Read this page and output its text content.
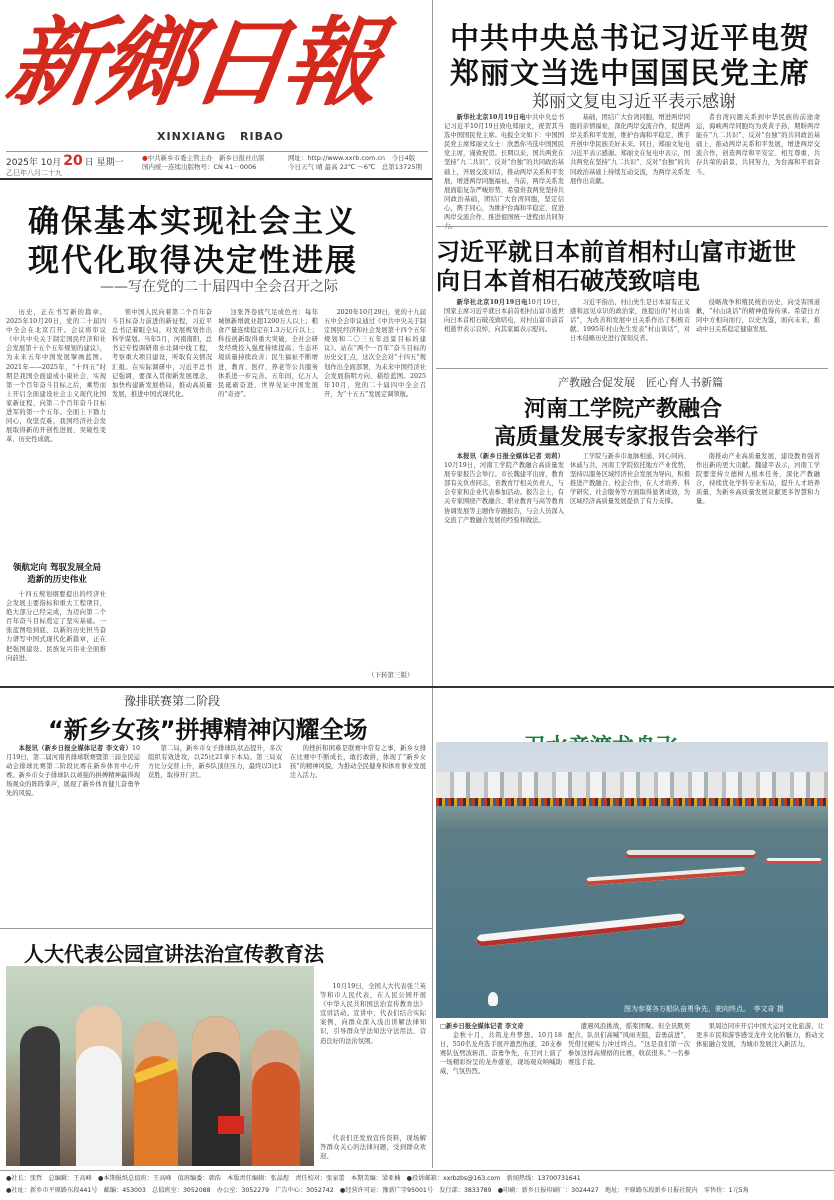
新鄉日報
XINXIANG RIBAO
2025年 10月 20 日 星期一
乙巳年八月二十九
●中共新乡市委主管主办　新乡日报社出版
国内统一连续出版物号：CN 41－0006
网址：http://www.xxrb.com.cn　 今日4版
今日天气 晴 最高 22℃ ～6℃　 总第13725期
中共中央总书记习近平电贺
郑丽文当选中国国民党主席
郑丽文复电习近平表示感谢

新华社北京10月19日电中共中央总书记习近平10月19日致电郑丽文，祝贺其当选中国国民党主席。电报全文如下：中国国民党主席郑丽文女士：欣悉你当选中国国民党主席，谨致祝贺。长期以来，国共两党在坚持“九二共识”、反对“台独”的共同政治基础上，开展交流对话，推动两岸关系和平发展，增进两岸同胞福祉。当前，两岸关系发展面临复杂严峻形势，希望贵我两党坚持共同政治基础，团结广大台湾同胞，坚定信心，携手同心，为维护台海和平稳定、促进两岸交流合作、推进祖国统一进程而共同努

基础，团结广大台湾同胞，增进两岸同胞的亲情福祉，深化两岸交流合作，促进两岸关系和平发展，维护台海和平稳定，携手开创中华民族美好未来。同日，郑丽文复电习近平表示感谢。郑丽文在复电中表示，国共两党在坚持“九二共识”、反对“台独”的共同政治基础上持续互动交流，为两岸关系发展作出贡献。

者台湾问题关系到中华民族的前途命运，海峡两岸同胞均为炎黄子孙，期盼两岸能在“九二共识”、反对“台独”的共同政治基础上，推动两岸关系和平发展，增进两岸交流合作，创造两岸和平安定、相互尊重、共存共荣的前景，共同努力，为台海和平而奋斗。

确保基本实现社会主义
现代化取得决定性进展
——写在党的二十届四中全会召开之际

历史，正在书写新的篇章。2025年10月20日，党的二十届四中全会在北京召开。会议将审议《中共中央关于制定国民经济和社会发展第十五个五年规划的建议》，为未来五年中国发展擘画蓝图。2021年——2025年，“十四五”时期是我国全面建成小康社会、实现第一个百年奋斗目标之后，乘势而上开启全面建设社会主义现代化国家新征程、向第二个百年奋斗目标进军的第一个五年。全面上下勠力同心，攻坚克难，我国经济社会发展取得新的开创性进展、突破性变革、历史性成就。

领航定向 驾驭发展全局
造新的历史伟业

十四五规划纲要提出的经济社会发展主要指标和重大工程项目，绝大部分已经完成，为迈向第二个百年奋斗目标奠定了坚实基础。一张蓝图绘到底、以新的历史担当奋力谱写中国式现代化新篇章，正在把强国建设、民族复兴伟业全面推向前进。

领中国人民向着第二个百年奋斗目标奋力前进的新征程，习近平总书记着眼全局，对发展规划作出科学谋划。当年5月，河南南阳，总书记专程调研南水北调中线工程，考察重大项目建设，听取有关情况汇报。在实际调研中，习近平总书记强调，要深入贯彻新发展理念，加快构建新发展格局，推动高质量发展，推进中国式现代化。

这张答卷底气足成色亮：每年城镇新增就业超1200万人以上；粮食产量连续稳定在1.3万亿斤以上；科技创新取得重大突破，全社会研发经费投入强度持续提高；生态环境质量持续改善；民生福祉不断增进，教育、医疗、养老等公共服务体系进一步完善。五年间，亿万人民砥砺奋进，世界见证中国发展的“奇迹”。

2020年10月29日，党的十九届五中全会审议通过《中共中央关于制定国民经济和社会发展第十四个五年规划和二〇三五年远景目标的建议》。站在“两个一百年”奋斗目标的历史交汇点，这次全会对“十四五”规划作出全面部署，为未来中国经济社会发展指明方向、描绘蓝图。2025年10月，党的二十届四中全会召开，为“十五五”发展定调领航。

（下转第三版）
习近平就日本前首相村山富市逝世
向日本首相石破茂致唁电

新华社北京10月19日电10月19日，国家主席习近平就日本前首相村山富市逝世向日本首相石破茂致唁电，对村山富市前首相逝世表示哀悼，向其家属表示慰问。

习近平指出，村山先生是日本富有正义感和远见卓识的政治家，他提出的“村山谈话”，为改善和发展中日关系作出了积极贡献。1995年村山先生发表“村山谈话”，对日本侵略历史进行深刻反省。

侵略战争和殖民统治历史，向受害国道歉，“村山谈话”的精神值得传承。希望日方同中方相向而行，以史为鉴，面向未来，推动中日关系稳定健康发展。

产教融合促发展　匠心育人书新篇
河南工学院产教融合
高质量发展专家报告会举行

本报讯（新乡日报全媒体记者 刘莉）10月19日，河南工学院产教融合高质量发展专家报告会举行。市长魏建平出席，教育部有关负责同志，省教育厅相关负责人，与会专家和企业代表参加活动。报告会上，有关专家围绕产教融合、职业教育与高等教育协调发展等主题作专题报告，与会人员深入交流了产教融合发展的经验和做法。

工学院与新乡市血脉相通、同心同向、休戚与共，河南工学院依托地方产业优势，坚持以服务区域经济社会发展为导向，积极推进产教融合、校企合作，在人才培养、科学研究、社会服务等方面取得显著成效，为区域经济高质量发展提供了有力支撑。

南推动产业高质量发展、建设教育强省作出新的更大贡献。魏建平表示，河南工学院要坚持立德树人根本任务，深化产教融合，持续优化学科专业布局，提升人才培养质量，为新乡高质量发展贡献更多智慧和力量。

豫排联赛第二阶段
“新乡女孩”拼搏精神闪耀全场

本报讯（新乡日报全媒体记者 李文奇）10月19日，第二届河南省排球联赛暨第三届全民运动会排球比赛第二阶段比赛在新乡体育中心开赛。新乡市女子排球队以顽强的拼搏精神赢得现场观众的阵阵掌声，展现了新乡体育健儿奋勇争先的风貌。

第二局，新乡市女子排球队状态提升，多次组织有效进攻，以25比21拿下本局。第三局双方比分交替上升，新乡队顶住压力，最终以3比1获胜，取得开门红。

的挫折和困难是联赛中常有之事，新乡女排在比赛中不断成长，敢打敢拼，体现了“新乡女孩”的精神风貌，为推动全民健身和体育事业发展注入活力。

图为参赛各方船队奋勇争先、驶向终点。　 李文奇 摄

□新乡日报全媒体记者 李文奇

金秋十月，共筑龙舟梦想。10月18日，550名龙舟选手展开激烈角逐，26支参赛队伍劈波斩浪、奋勇争先，在卫河上演了一场精彩纷呈的龙舟盛宴，现场观众呐喊助威，气氛热烈。

遭遇风浪挑战，摇桨团聚。但全员默契配合，队员们高喊“风雨无阻，奋勇前进”，凭借过硬实力冲过终点。“这是我们第一次参加这样高规格的比赛，收获很多。”一名参赛选手说。

果周边同步开启中国大运河文化旅游，让更多市民和游客感受龙舟文化的魅力，推动文体旅融合发展，为城市发展注入新活力。

人大代表公园宣讲法治宣传教育法

10月19日，全国人大代表张兰英等和市人民代表，在人民公园开展《中华人民共和国法治宣传教育法》宣讲活动。宣讲中，代表们结合实际案例，向群众深入浅出讲解法律知识，引导群众学法知法守法用法，营造良好的法治氛围。

代表们还发放宣传资料，现场解答群众关心的法律问题，受到群众欢迎。

●社长：张哲　总编辑：王高峰　●本期报纸总值班：王高峰　值班编委：韩浩　本版责任编辑：张晶煜　责任校对：张家蕾　本期美编：梁亚楠　●投诉邮箱：xxrbzbs@163.com　新闻热线：13700731641
●社址：新乡市平原路东段441号　邮编：453003　总值班室：3052088　办公室：3052279　广告中心：3052742　●经营许可证：豫新广字95001号　发行部：3833789　●印刷：新乡日报印刷厂：3024427　地址：平原路东段新乡日报社院内　零售价：1元5角
